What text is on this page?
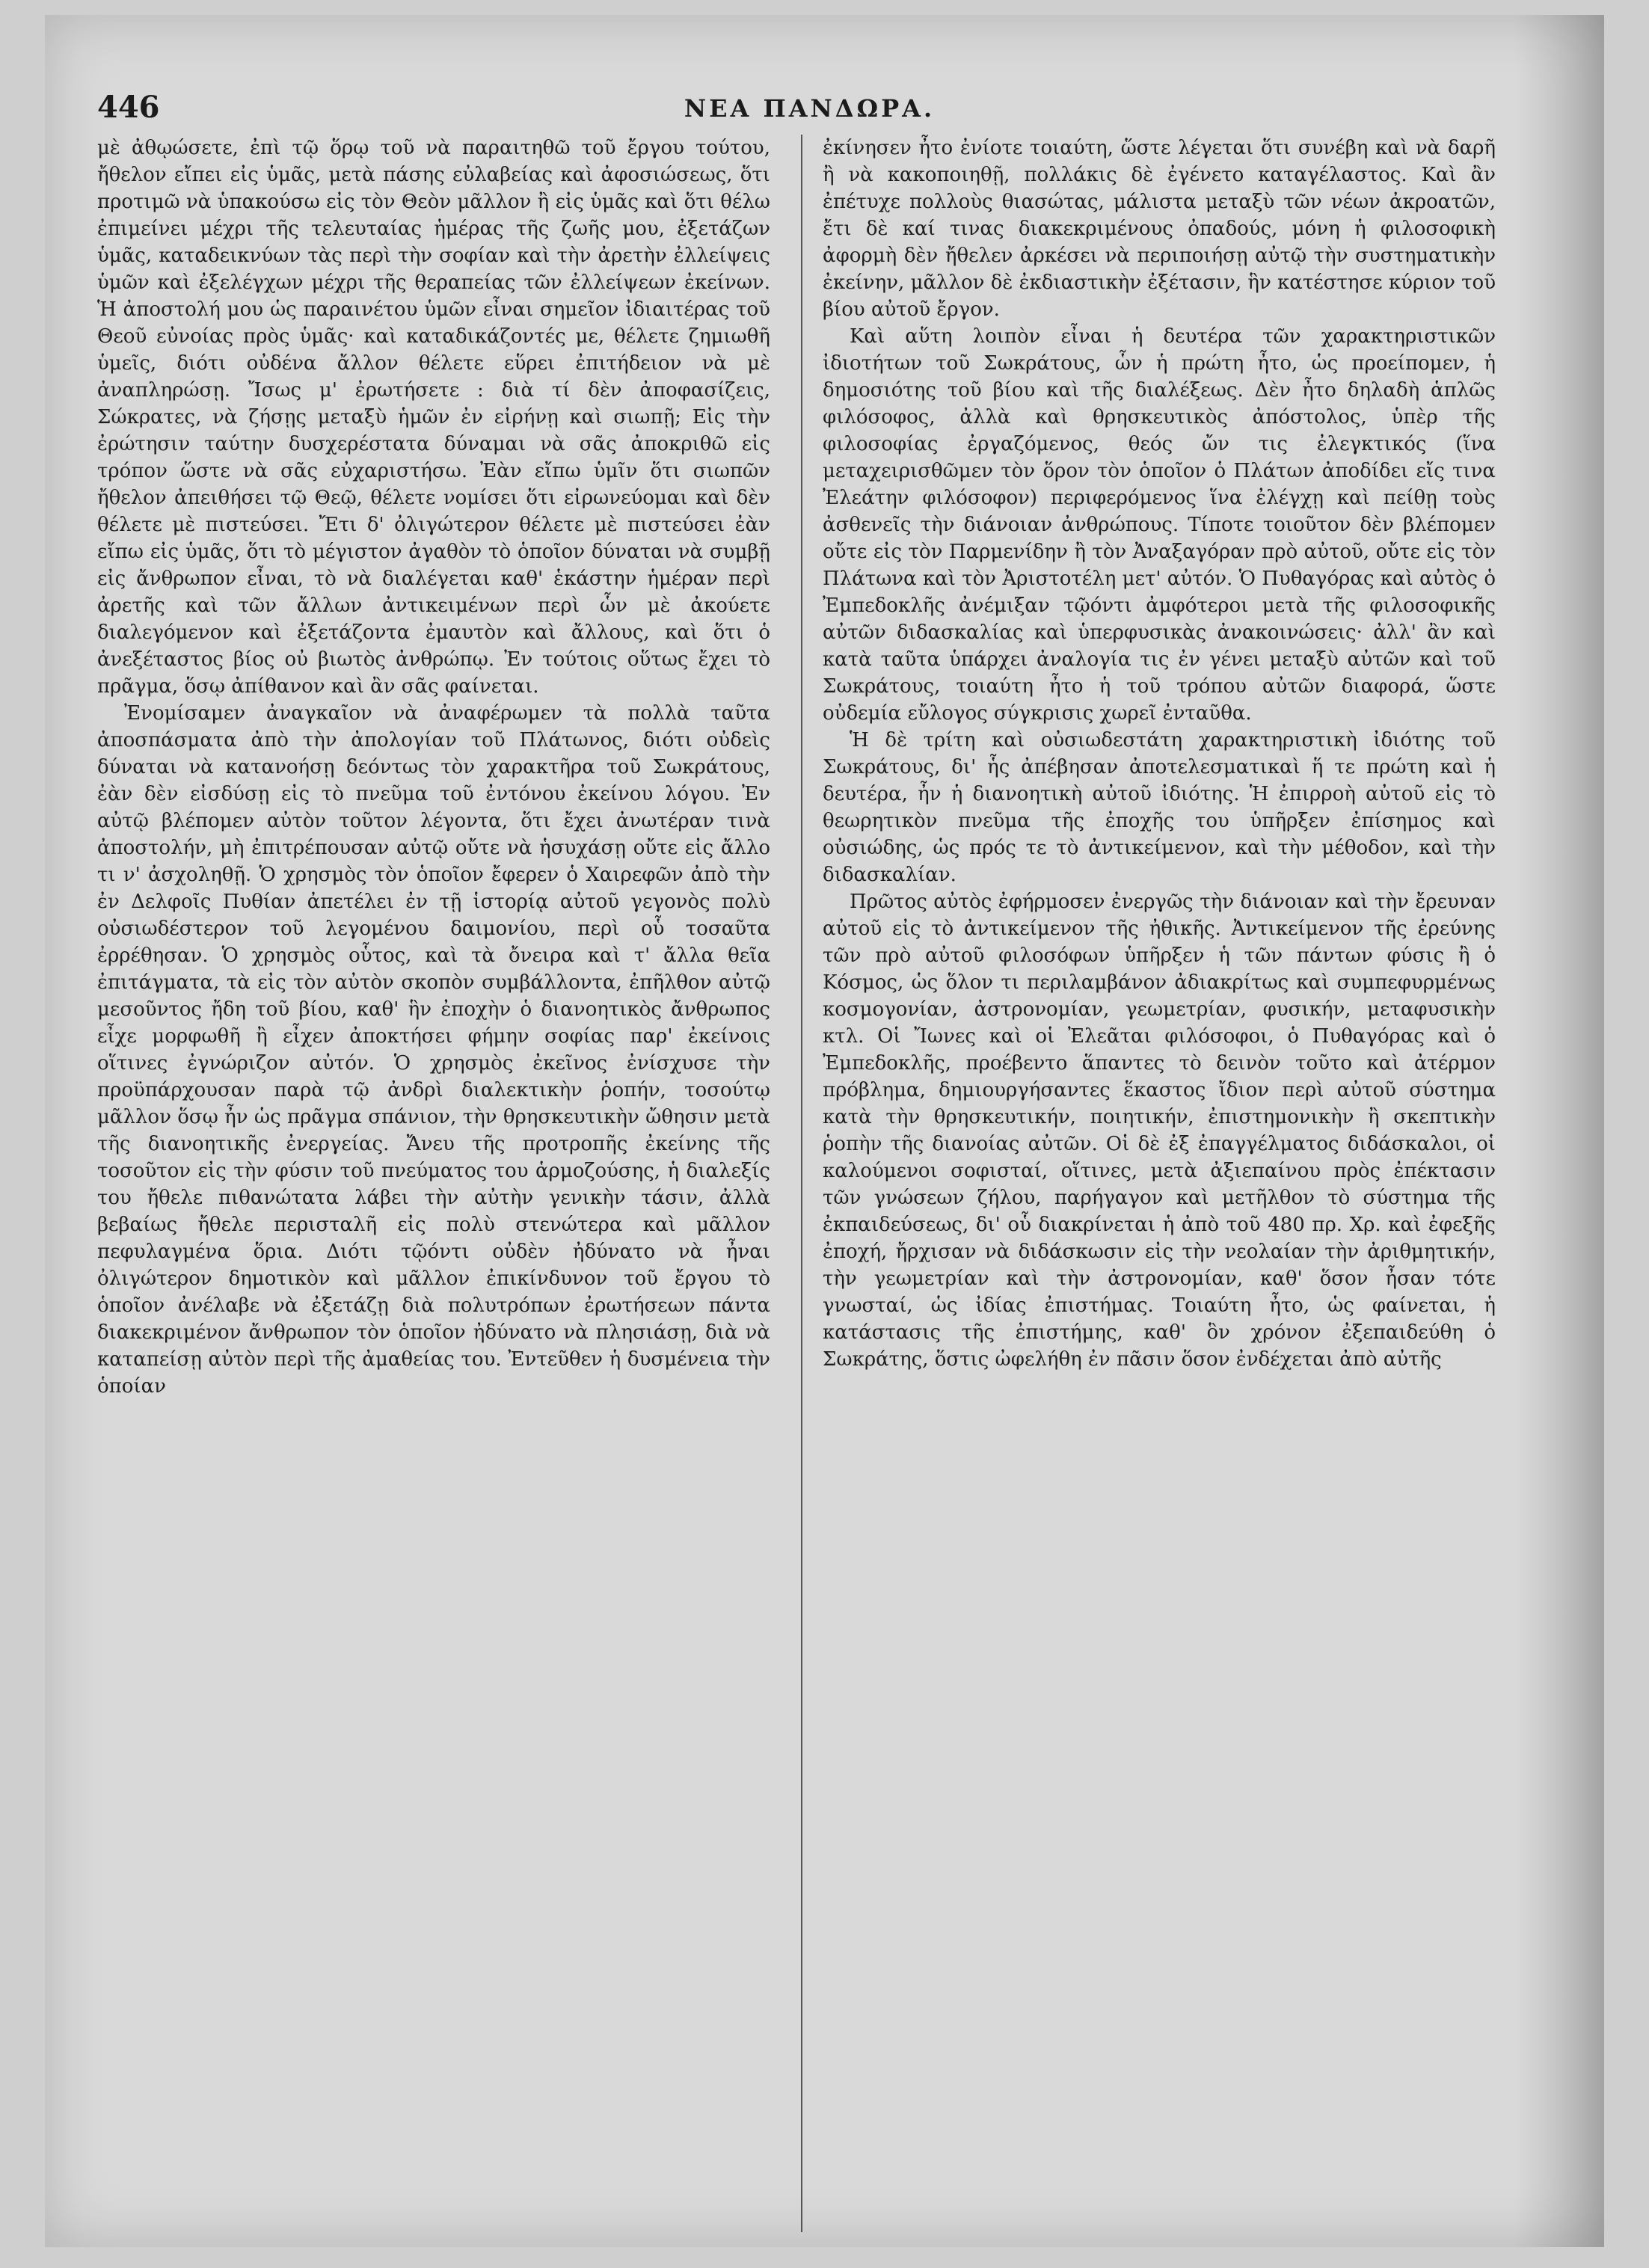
446	ΝΕΑ ΠΑΝΔΩΡΑ.

μὲ ἀθῳώσετε, ἐπὶ τῷ ὅρῳ τοῦ νὰ παραιτηθῶ τοῦ ἔργου τούτου, ἤθελον εἴπει εἰς ὑμᾶς, μετὰ πάσης εὐλαβείας καὶ ἀφοσιώσεως, ὅτι προτιμῶ νὰ ὑπακούσω εἰς τὸν Θεὸν μᾶλλον ἢ εἰς ὑμᾶς καὶ ὅτι θέλω ἐπιμείνει μέχρι τῆς τελευταίας ἡμέρας τῆς ζωῆς μου, ἐξετάζων ὑμᾶς, καταδεικνύων τὰς περὶ τὴν σοφίαν καὶ τὴν ἀρετὴν ἐλλείψεις ὑμῶν καὶ ἐξελέγχων μέχρι τῆς θεραπείας τῶν ἐλλείψεων ἐκείνων. Ἡ ἀποστολή μου ὡς παραινέτου ὑμῶν εἶναι σημεῖον ἰδιαιτέρας τοῦ Θεοῦ εὐνοίας πρὸς ὑμᾶς· καὶ καταδικάζοντές με, θέλετε ζημιωθῆ ὑμεῖς, διότι οὐδένα ἄλλον θέλετε εὕρει ἐπιτήδειον νὰ μὲ ἀναπληρώσῃ. Ἴσως μ' ἐρωτήσετε : διὰ τί δὲν ἀποφασίζεις, Σώκρατες, νὰ ζήσῃς μεταξὺ ἡμῶν ἐν εἰρήνῃ καὶ σιωπῇ; Εἰς τὴν ἐρώτησιν ταύτην δυσχερέστατα δύναμαι νὰ σᾶς ἀποκριθῶ εἰς τρόπον ὥστε νὰ σᾶς εὐχαριστήσω. Ἐὰν εἴπω ὑμῖν ὅτι σιωπῶν ἤθελον ἀπειθήσει τῷ Θεῷ, θέλετε νομίσει ὅτι εἰρωνεύομαι καὶ δὲν θέλετε μὲ πιστεύσει. Ἔτι δ' ὀλιγώτερον θέλετε μὲ πιστεύσει ἐὰν εἴπω εἰς ὑμᾶς, ὅτι τὸ μέγιστον ἀγαθὸν τὸ ὁποῖον δύναται νὰ συμβῇ εἰς ἄνθρωπον εἶναι, τὸ νὰ διαλέγεται καθ' ἑκάστην ἡμέραν περὶ ἀρετῆς καὶ τῶν ἄλλων ἀντικειμένων περὶ ὧν μὲ ἀκούετε διαλεγόμενον καὶ ἐξετάζοντα ἐμαυτὸν καὶ ἄλλους, καὶ ὅτι ὁ ἀνεξέταστος βίος οὐ βιωτὸς ἀνθρώπῳ. Ἐν τούτοις οὕτως ἔχει τὸ πρᾶγμα, ὅσῳ ἀπίθανον καὶ ἂν σᾶς φαίνεται.

Ἐνομίσαμεν ἀναγκαῖον νὰ ἀναφέρωμεν τὰ πολλὰ ταῦτα ἀποσπάσματα ἀπὸ τὴν ἀπολογίαν τοῦ Πλάτωνος, διότι οὐδεὶς δύναται νὰ κατανοήσῃ δεόντως τὸν χαρακτῆρα τοῦ Σωκράτους, ἐὰν δὲν εἰσδύσῃ εἰς τὸ πνεῦμα τοῦ ἐντόνου ἐκείνου λόγου. Ἐν αὐτῷ βλέπομεν αὐτὸν τοῦτον λέγοντα, ὅτι ἔχει ἀνωτέραν τινὰ ἀποστολήν, μὴ ἐπιτρέπουσαν αὐτῷ οὔτε νὰ ἡσυχάσῃ οὔτε εἰς ἄλλο τι ν' ἀσχοληθῇ. Ὁ χρησμὸς τὸν ὁποῖον ἔφερεν ὁ Χαιρεφῶν ἀπὸ τὴν ἐν Δελφοῖς Πυθίαν ἀπετέλει ἐν τῇ ἱστορίᾳ αὐτοῦ γεγονὸς πολὺ οὐσιωδέστερον τοῦ λεγομένου δαιμονίου, περὶ οὗ τοσαῦτα ἐρρέθησαν. Ὁ χρησμὸς οὗτος, καὶ τὰ ὄνειρα καὶ τ' ἄλλα θεῖα ἐπιτάγματα, τὰ εἰς τὸν αὐτὸν σκοπὸν συμβάλλοντα, ἐπῆλθον αὐτῷ μεσοῦντος ἤδη τοῦ βίου, καθ' ἣν ἐποχὴν ὁ διανοητικὸς ἄνθρωπος εἶχε μορφωθῆ ἢ εἶχεν ἀποκτήσει φήμην σοφίας παρ' ἐκείνοις οἵτινες ἐγνώριζον αὐτόν. Ὁ χρησμὸς ἐκεῖνος ἐνίσχυσε τὴν προϋπάρχουσαν παρὰ τῷ ἀνδρὶ διαλεκτικὴν ῥοπήν, τοσούτῳ μᾶλλον ὅσῳ ἦν ὡς πρᾶγμα σπάνιον, τὴν θρησκευτικὴν ὤθησιν μετὰ τῆς διανοητικῆς ἐνεργείας. Ἄνευ τῆς προτροπῆς ἐκείνης τῆς τοσοῦτον εἰς τὴν φύσιν τοῦ πνεύματος του ἁρμοζούσης, ἡ διαλεξίς του ἤθελε πιθανώτατα λάβει τὴν αὐτὴν γενικὴν τάσιν, ἀλλὰ βεβαίως ἤθελε περισταλῆ εἰς πολὺ στενώτερα καὶ μᾶλλον πεφυλαγμένα ὅρια. Διότι τῷόντι οὐδὲν ἠδύνατο νὰ ἦναι ὀλιγώτερον δημοτικὸν καὶ μᾶλλον ἐπικίνδυνον τοῦ ἔργου τὸ ὁποῖον ἀνέλαβε νὰ ἐξετάζῃ διὰ πολυτρόπων ἐρωτήσεων πάντα διακεκριμένον ἄνθρωπον τὸν ὁποῖον ἠδύνατο νὰ πλησιάσῃ, διὰ νὰ καταπείσῃ αὐτὸν περὶ τῆς ἀμαθείας του. Ἐντεῦθεν ἡ δυσμένεια τὴν ὁποίαν

ἐκίνησεν ἦτο ἐνίοτε τοιαύτη, ὥστε λέγεται ὅτι συνέβη καὶ νὰ δαρῆ ἢ νὰ κακοποιηθῇ, πολλάκις δὲ ἐγένετο καταγέλαστος. Καὶ ἂν ἐπέτυχε πολλοὺς θιασώτας, μάλιστα μεταξὺ τῶν νέων ἀκροατῶν, ἔτι δὲ καί τινας διακεκριμένους ὀπαδούς, μόνη ἡ φιλοσοφικὴ ἀφορμὴ δὲν ἤθελεν ἀρκέσει νὰ περιποιήσῃ αὐτῷ τὴν συστηματικὴν ἐκείνην, μᾶλλον δὲ ἐκδιαστικὴν ἐξέτασιν, ἣν κατέστησε κύριον τοῦ βίου αὐτοῦ ἔργον.

Καὶ αὕτη λοιπὸν εἶναι ἡ δευτέρα τῶν χαρακτηριστικῶν ἰδιοτήτων τοῦ Σωκράτους, ὧν ἡ πρώτη ἦτο, ὡς προείπομεν, ἡ δημοσιότης τοῦ βίου καὶ τῆς διαλέξεως. Δὲν ἦτο δηλαδὴ ἁπλῶς φιλόσοφος, ἀλλὰ καὶ θρησκευτικὸς ἀπόστολος, ὑπὲρ τῆς φιλοσοφίας ἐργαζόμενος, θεός ὤν τις ἐλεγκτικός (ἵνα μεταχειρισθῶμεν τὸν ὅρον τὸν ὁποῖον ὁ Πλάτων ἀποδίδει εἴς τινα Ἐλεάτην φιλόσοφον) περιφερόμενος ἵνα ἐλέγχῃ καὶ πείθῃ τοὺς ἀσθενεῖς τὴν διάνοιαν ἀνθρώπους. Τίποτε τοιοῦτον δὲν βλέπομεν οὔτε εἰς τὸν Παρμενίδην ἢ τὸν Ἀναξαγόραν πρὸ αὐτοῦ, οὔτε εἰς τὸν Πλάτωνα καὶ τὸν Ἀριστοτέλη μετ' αὐτόν. Ὁ Πυθαγόρας καὶ αὐτὸς ὁ Ἐμπεδοκλῆς ἀνέμιξαν τῷόντι ἀμφότεροι μετὰ τῆς φιλοσοφικῆς αὐτῶν διδασκαλίας καὶ ὑπερφυσικὰς ἀνακοινώσεις· ἀλλ' ἂν καὶ κατὰ ταῦτα ὑπάρχει ἀναλογία τις ἐν γένει μεταξὺ αὐτῶν καὶ τοῦ Σωκράτους, τοιαύτη ἦτο ἡ τοῦ τρόπου αὐτῶν διαφορά, ὥστε οὐδεμία εὔλογος σύγκρισις χωρεῖ ἐνταῦθα.

Ἡ δὲ τρίτη καὶ οὐσιωδεστάτη χαρακτηριστικὴ ἰδιότης τοῦ Σωκράτους, δι' ἧς ἀπέβησαν ἀποτελεσματικαὶ ἥ τε πρώτη καὶ ἡ δευτέρα, ἦν ἡ διανοητικὴ αὐτοῦ ἰδιότης. Ἡ ἐπιρροὴ αὐτοῦ εἰς τὸ θεωρητικὸν πνεῦμα τῆς ἐποχῆς του ὑπῆρξεν ἐπίσημος καὶ οὐσιώδης, ὡς πρός τε τὸ ἀντικείμενον, καὶ τὴν μέθοδον, καὶ τὴν διδασκαλίαν.

Πρῶτος αὐτὸς ἐφήρμοσεν ἐνεργῶς τὴν διάνοιαν καὶ τὴν ἔρευναν αὐτοῦ εἰς τὸ ἀντικείμενον τῆς ἠθικῆς. Ἀντικείμενον τῆς ἐρεύνης τῶν πρὸ αὐτοῦ φιλοσόφων ὑπῆρξεν ἡ τῶν πάντων φύσις ἢ ὁ Κόσμος, ὡς ὅλον τι περιλαμβάνον ἀδιακρίτως καὶ συμπεφυρμένως κοσμογονίαν, ἀστρονομίαν, γεωμετρίαν, φυσικήν, μεταφυσικὴν κτλ. Οἱ Ἴωνες καὶ οἱ Ἐλεᾶται φιλόσοφοι, ὁ Πυθαγόρας καὶ ὁ Ἐμπεδοκλῆς, προέβεντο ἅπαντες τὸ δεινὸν τοῦτο καὶ ἀτέρμον πρόβλημα, δημιουργήσαντες ἕκαστος ἴδιον περὶ αὐτοῦ σύστημα κατὰ τὴν θρησκευτικήν, ποιητικήν, ἐπιστημονικὴν ἢ σκεπτικὴν ῥοπὴν τῆς διανοίας αὐτῶν. Οἱ δὲ ἐξ ἐπαγγέλματος διδάσκαλοι, οἱ καλούμενοι σοφισταί, οἵτινες, μετὰ ἀξιεπαίνου πρὸς ἐπέκτασιν τῶν γνώσεων ζήλου, παρήγαγον καὶ μετῆλθον τὸ σύστημα τῆς ἐκπαιδεύσεως, δι' οὗ διακρίνεται ἡ ἀπὸ τοῦ 480 πρ. Χρ. καὶ ἐφεξῆς ἐποχή, ἤρχισαν νὰ διδάσκωσιν εἰς τὴν νεολαίαν τὴν ἀριθμητικήν, τὴν γεωμετρίαν καὶ τὴν ἀστρονομίαν, καθ' ὅσον ἦσαν τότε γνωσταί, ὡς ἰδίας ἐπιστήμας. Τοιαύτη ἦτο, ὡς φαίνεται, ἡ κατάστασις τῆς ἐπιστήμης, καθ' ὃν χρόνον ἐξεπαιδεύθη ὁ Σωκράτης, ὅστις ὠφελήθη ἐν πᾶσιν ὅσον ἐνδέχεται ἀπὸ αὐτῆς
